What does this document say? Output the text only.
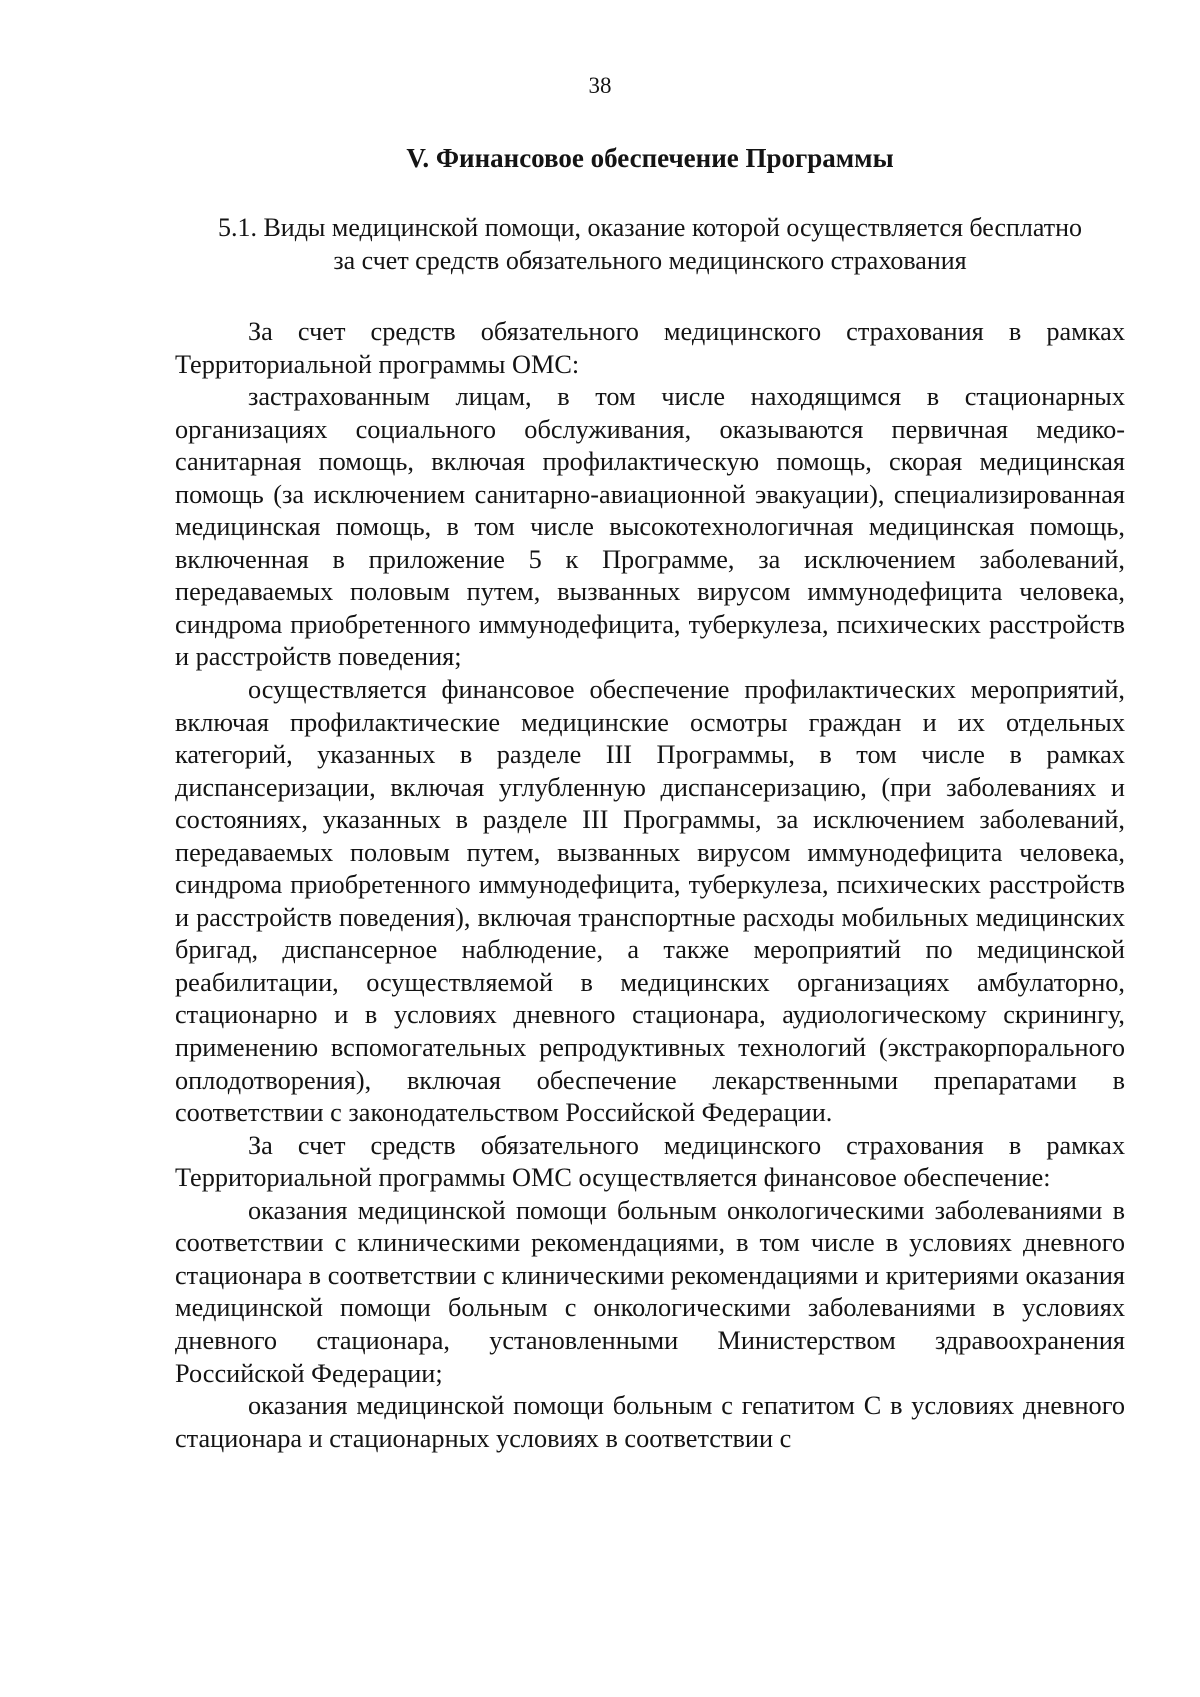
38
V. Финансовое обеспечение Программы
5.1. Виды медицинской помощи, оказание которой осуществляется бесплатно за счет средств обязательного медицинского страхования

За счет средств обязательного медицинского страхования в рамках Территориальной программы ОМС:

застрахованным лицам, в том числе находящимся в стационарных организациях социального обслуживания, оказываются первичная медико-санитарная помощь, включая профилактическую помощь, скорая медицинская помощь (за исключением санитарно-авиационной эвакуации), специализированная медицинская помощь, в том числе высокотехнологичная медицинская помощь, включенная в приложение 5 к Программе, за исключением заболеваний, передаваемых половым путем, вызванных вирусом иммунодефицита человека, синдрома приобретенного иммунодефицита, туберкулеза, психических расстройств и расстройств поведения;

осуществляется финансовое обеспечение профилактических мероприятий, включая профилактические медицинские осмотры граждан и их отдельных категорий, указанных в разделе III Программы, в том числе в рамках диспансеризации, включая углубленную диспансеризацию, (при заболеваниях и состояниях, указанных в разделе III Программы, за исключением заболеваний, передаваемых половым путем, вызванных вирусом иммунодефицита человека, синдрома приобретенного иммунодефицита, туберкулеза, психических расстройств и расстройств поведения), включая транспортные расходы мобильных медицинских бригад, диспансерное наблюдение, а также мероприятий по медицинской реабилитации, осуществляемой в медицинских организациях амбулаторно, стационарно и в условиях дневного стационара, аудиологическому скринингу, применению вспомогательных репродуктивных технологий (экстракорпорального оплодотворения), включая обеспечение лекарственными препаратами в соответствии с законодательством Российской Федерации.

За счет средств обязательного медицинского страхования в рамках Территориальной программы ОМС осуществляется финансовое обеспечение:

оказания медицинской помощи больным онкологическими заболеваниями в соответствии с клиническими рекомендациями, в том числе в условиях дневного стационара в соответствии с клиническими рекомендациями и критериями оказания медицинской помощи больным с онкологическими заболеваниями в условиях дневного стационара, установленными Министерством здравоохранения Российской Федерации;

оказания медицинской помощи больным с гепатитом С в условиях дневного стационара и стационарных условиях в соответствии с
